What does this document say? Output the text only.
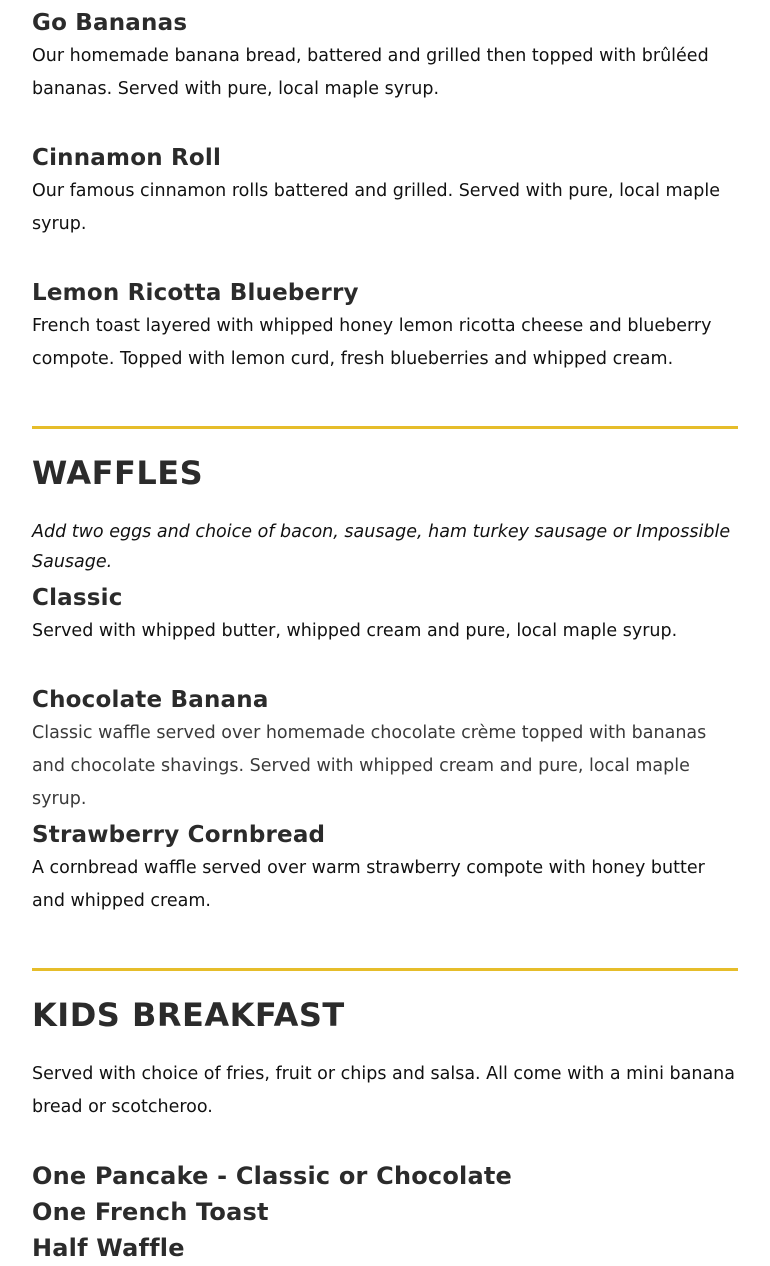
Go Bananas

Our homemade banana bread, battered and grilled then topped with brûléed bananas. Served with pure, local maple syrup.

Cinnamon Roll

Our famous cinnamon rolls battered and grilled. Served with pure, local maple syrup.

Lemon Ricotta Blueberry

French toast layered with whipped honey lemon ricotta cheese and blueberry compote. Topped with lemon curd, fresh blueberries and whipped cream.

WAFFLES

Add two eggs and choice of bacon, sausage, ham turkey sausage or Impossible Sausage.

Classic

Served with whipped butter, whipped cream and pure, local maple syrup.

Chocolate Banana

Classic waffle served over homemade chocolate crème topped with bananas and chocolate shavings. Served with whipped cream and pure, local maple syrup.

Strawberry Cornbread

A cornbread waffle served over warm strawberry compote with honey butter and whipped cream.

KIDS BREAKFAST

Served with choice of fries, fruit or chips and salsa. All come with a mini banana bread or scotcheroo.

One Pancake - Classic or Chocolate
One French Toast
Half Waffle
